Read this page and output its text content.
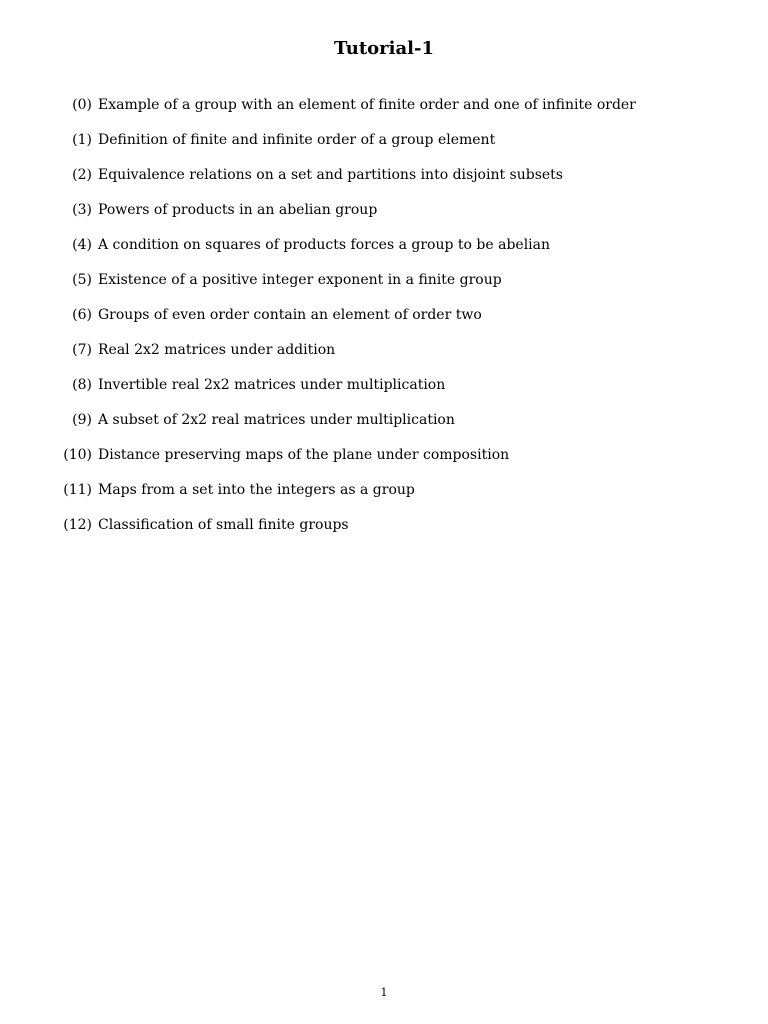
Tutorial-1
(0) Example of a group with an element of finite order and one of infinite order
(1) Definition of finite and infinite order of a group element
(2) Equivalence relations on a set and partitions into disjoint subsets
(3) Powers of products in an abelian group
(4) A condition on squares of products forces a group to be abelian
(5) Existence of a positive integer exponent in a finite group
(6) Groups of even order contain an element of order two
(7) Real 2x2 matrices under addition
(8) Invertible real 2x2 matrices under multiplication
(9) A subset of 2x2 real matrices under multiplication
(10) Distance preserving maps of the plane under composition
(11) Maps from a set into the integers as a group
(12) Classification of small finite groups
1
